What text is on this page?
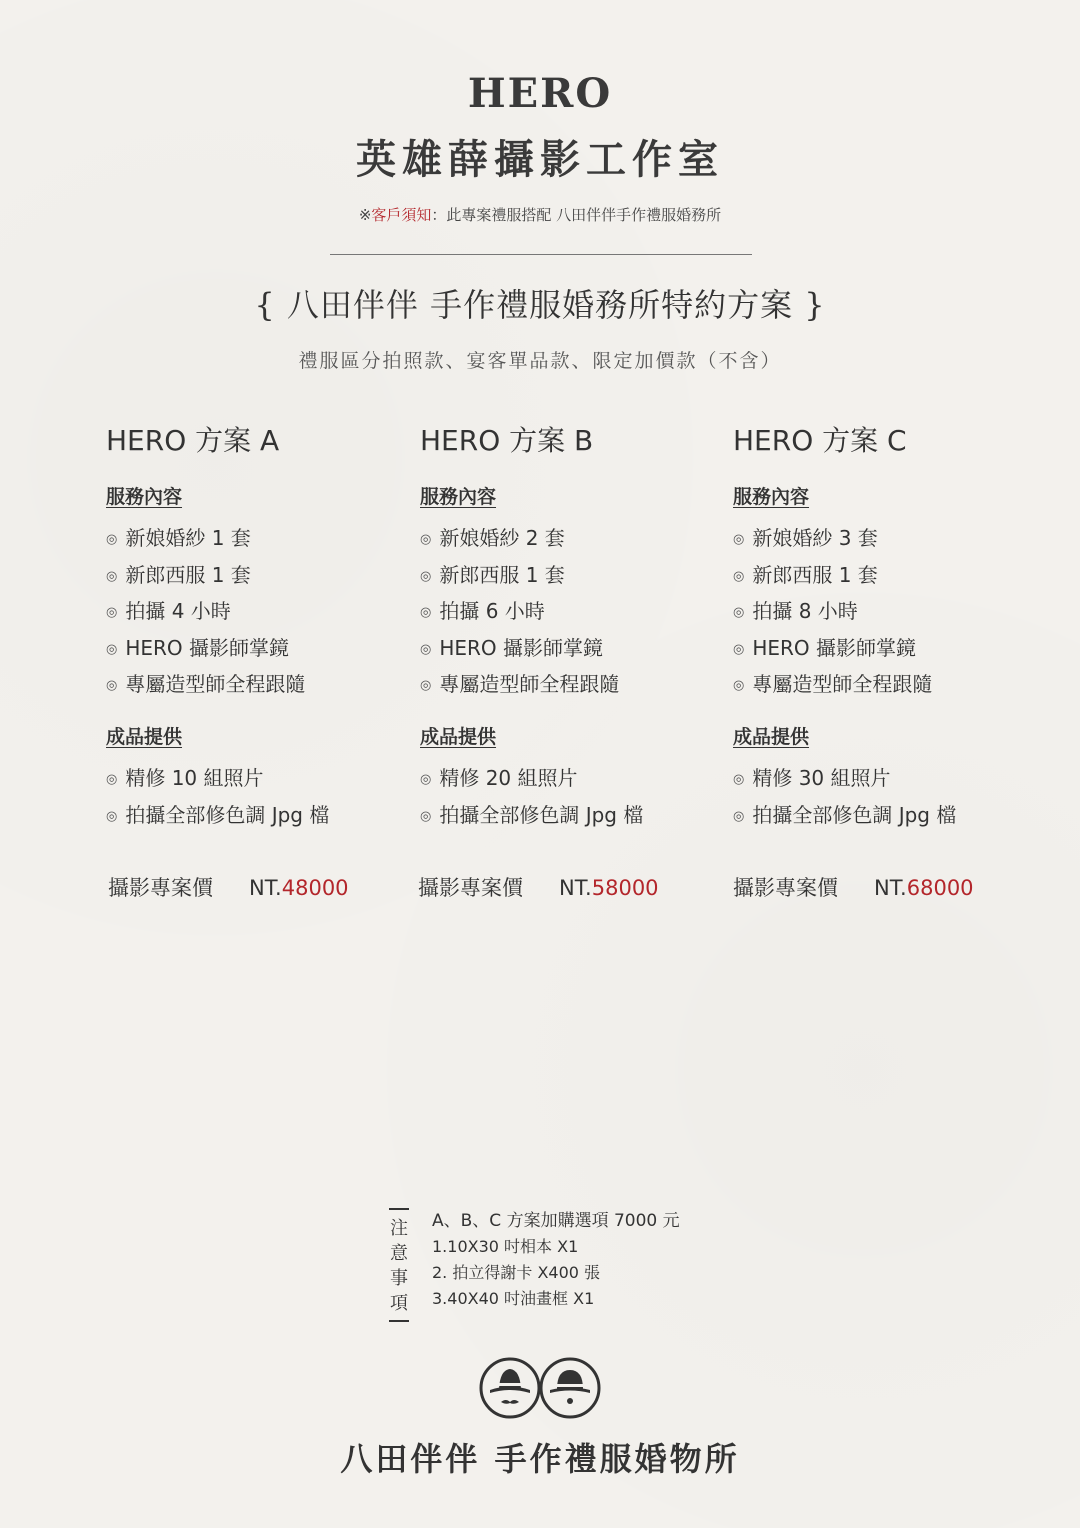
HERO
英雄薛攝影工作室
※客戶須知：此專案禮服搭配 八田伴伴手作禮服婚務所
{ 八田伴伴 手作禮服婚務所特約方案 }
禮服區分拍照款、宴客單品款、限定加價款（不含）
HERO 方案 A
服務內容
◎ 新娘婚紗 1 套
◎ 新郎西服 1 套
◎ 拍攝 4 小時
◎ HERO 攝影師掌鏡
◎ 專屬造型師全程跟隨
成品提供
◎ 精修 10 組照片
◎ 拍攝全部修色調 Jpg 檔
HERO 方案 B
服務內容
◎ 新娘婚紗 2 套
◎ 新郎西服 1 套
◎ 拍攝 6 小時
◎ HERO 攝影師掌鏡
◎ 專屬造型師全程跟隨
成品提供
◎ 精修 20 組照片
◎ 拍攝全部修色調 Jpg 檔
HERO 方案 C
服務內容
◎ 新娘婚紗 3 套
◎ 新郎西服 1 套
◎ 拍攝 8 小時
◎ HERO 攝影師掌鏡
◎ 專屬造型師全程跟隨
成品提供
◎ 精修 30 組照片
◎ 拍攝全部修色調 Jpg 檔
攝影專案價 NT.48000	攝影專案價 NT.58000	攝影專案價 NT.68000
注意事項
A、B、C 方案加購選項 7000 元
1.10X30 吋相本 X1
2. 拍立得謝卡 X400 張
3.40X40 吋油畫框 X1
八田伴伴 手作禮服婚物所
